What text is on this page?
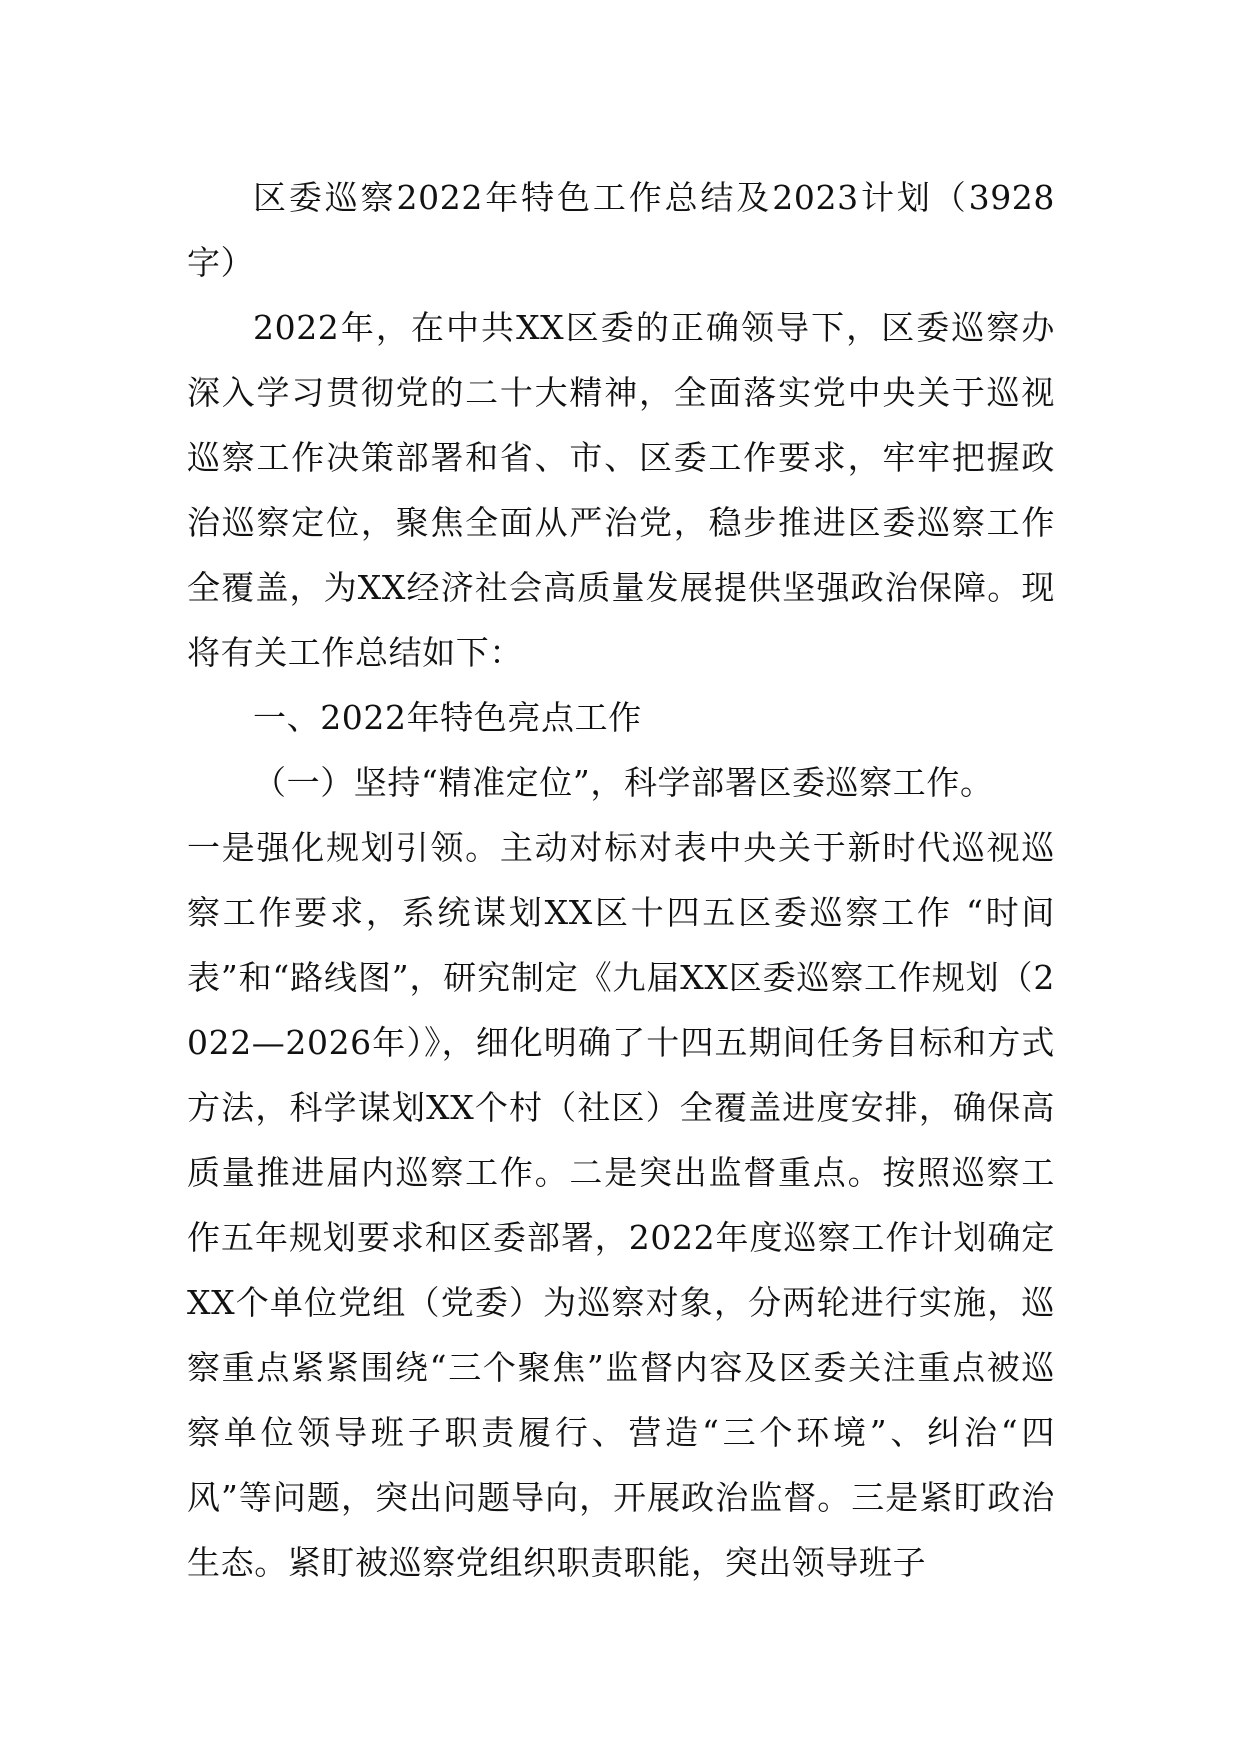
区委巡察2022年特色工作总结及2023计划（3928字）

2022年，在中共XX区委的正确领导下，区委巡察办深入学习贯彻党的二十大精神，全面落实党中央关于巡视巡察工作决策部署和省、市、区委工作要求，牢牢把握政治巡察定位，聚焦全面从严治党，稳步推进区委巡察工作全覆盖，为XX经济社会高质量发展提供坚强政治保障。现将有关工作总结如下：

一、2022年特色亮点工作

（一）坚持“精准定位”，科学部署区委巡察工作。

一是强化规划引领。主动对标对表中央关于新时代巡视巡察工作要求，系统谋划XX区十四五区委巡察工作 “时间表”和“路线图”，研究制定《九届XX区委巡察工作规划（2022—2026年）》，细化明确了十四五期间任务目标和方式方法，科学谋划XX个村（社区）全覆盖进度安排，确保高质量推进届内巡察工作。二是突出监督重点。按照巡察工作五年规划要求和区委部署，2022年度巡察工作计划确定XX个单位党组（党委）为巡察对象，分两轮进行实施，巡察重点紧紧围绕“三个聚焦”监督内容及区委关注重点被巡察单位领导班子职责履行、营造“三个环境”、纠治“四风”等问题，突出问题导向，开展政治监督。三是紧盯政治生态。紧盯被巡察党组织职责职能，突出领导班子
